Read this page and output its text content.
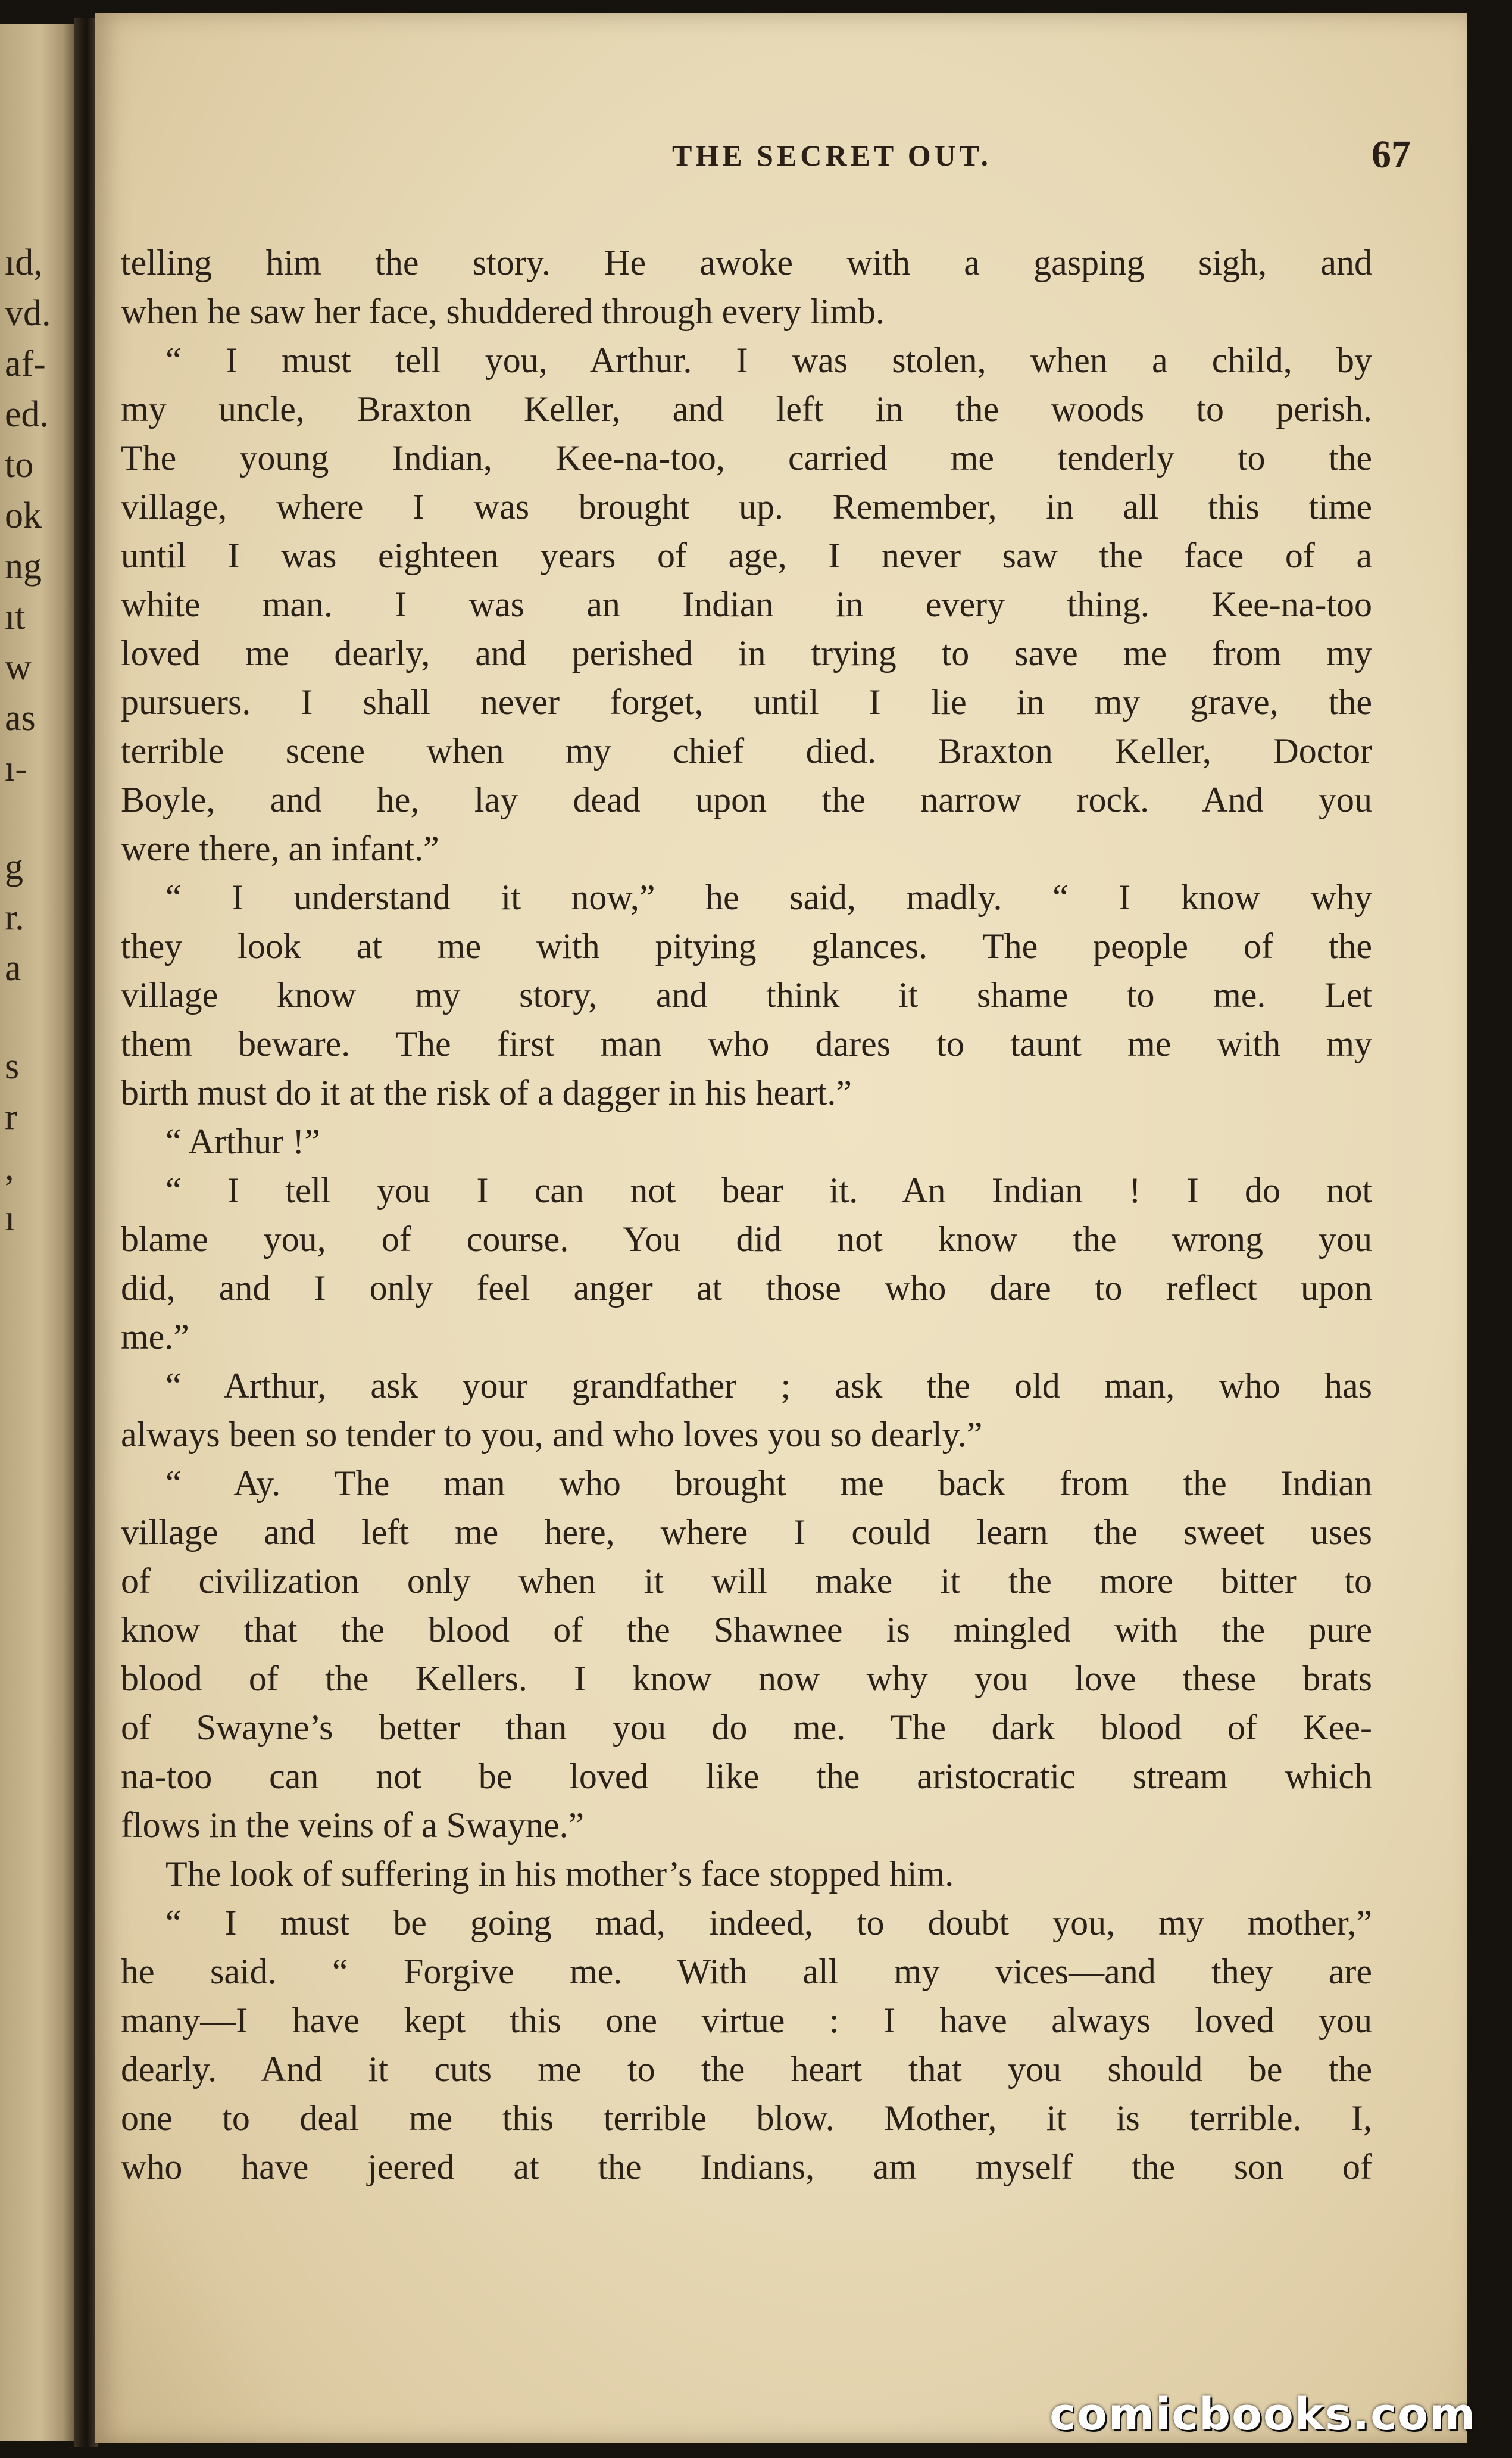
ıd,
vd.
af-
ed.
to
ok
ng
ıt
w
as
ı-
g
r.
a
s
r
,
ı
THE SECRET OUT.	67

telling him the story. He awoke with a gasping sigh, and

when he saw her face, shuddered through every limb.

“ I must tell you, Arthur. I was stolen, when a child, by

my uncle, Braxton Keller, and left in the woods to perish.

The young Indian, Kee-na-too, carried me tenderly to the

village, where I was brought up. Remember, in all this time

until I was eighteen years of age, I never saw the face of a

white man. I was an Indian in every thing. Kee-na-too

loved me dearly, and perished in trying to save me from my

pursuers. I shall never forget, until I lie in my grave, the

terrible scene when my chief died. Braxton Keller, Doctor

Boyle, and he, lay dead upon the narrow rock. And you

were there, an infant.”

“ I understand it now,” he said, madly. “ I know why

they look at me with pitying glances. The people of the

village know my story, and think it shame to me. Let

them beware. The first man who dares to taunt me with my

birth must do it at the risk of a dagger in his heart.”

“ Arthur !”

“ I tell you I can not bear it. An Indian ! I do not

blame you, of course. You did not know the wrong you

did, and I only feel anger at those who dare to reflect upon

me.”

“ Arthur, ask your grandfather ; ask the old man, who has

always been so tender to you, and who loves you so dearly.”

“ Ay. The man who brought me back from the Indian

village and left me here, where I could learn the sweet uses

of civilization only when it will make it the more bitter to

know that the blood of the Shawnee is mingled with the pure

blood of the Kellers. I know now why you love these brats

of Swayne’s better than you do me. The dark blood of Kee-

na-too can not be loved like the aristocratic stream which

flows in the veins of a Swayne.”

The look of suffering in his mother’s face stopped him.

“ I must be going mad, indeed, to doubt you, my mother,”

he said. “ Forgive me. With all my vices—and they are

many—I have kept this one virtue : I have always loved you

dearly. And it cuts me to the heart that you should be the

one to deal me this terrible blow. Mother, it is terrible. I,

who have jeered at the Indians, am myself the son of

comicbooks.com
